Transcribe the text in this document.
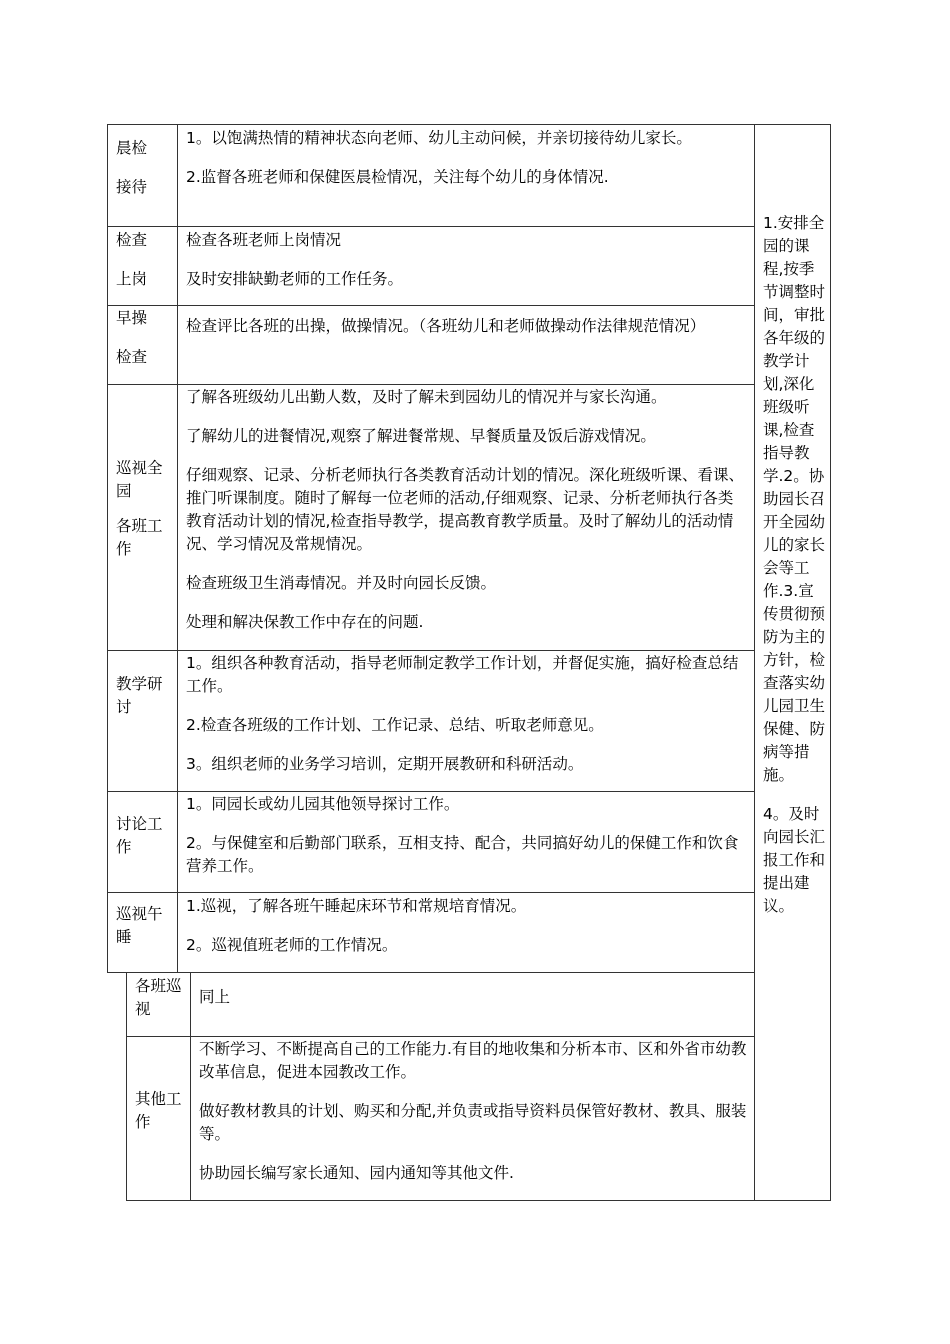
晨检

接待

1。以饱满热情的精神状态向老师、幼儿主动问候，并亲切接待幼儿家长。

2.监督各班老师和保健医晨检情况，关注每个幼儿的身体情况.

检查

上岗

检查各班老师上岗情况

及时安排缺勤老师的工作任务。

早操

检查

检查评比各班的出操，做操情况。（各班幼儿和老师做操动作法律规范情况）

巡视全园

各班工作

了解各班级幼儿出勤人数，及时了解未到园幼儿的情况并与家长沟通。

了解幼儿的进餐情况,观察了解进餐常规、早餐质量及饭后游戏情况。

仔细观察、记录、分析老师执行各类教育活动计划的情况。深化班级听课、看课、推门听课制度。随时了解每一位老师的活动,仔细观察、记录、分析老师执行各类教育活动计划的情况,检查指导教学，提高教育教学质量。及时了解幼儿的活动情况、学习情况及常规情况。

检查班级卫生消毒情况。并及时向园长反馈。

处理和解决保教工作中存在的问题.

教学研讨

1。组织各种教育活动，指导老师制定教学工作计划，并督促实施，搞好检查总结工作。

2.检查各班级的工作计划、工作记录、总结、听取老师意见。

3。组织老师的业务学习培训，定期开展教研和科研活动。

讨论工作

1。同园长或幼儿园其他领导探讨工作。

2。与保健室和后勤部门联系，互相支持、配合，共同搞好幼儿的保健工作和饮食营养工作。

巡视午睡

1.巡视，了解各班午睡起床环节和常规培育情况。

2。巡视值班老师的工作情况。

各班巡视

同上

其他工作

不断学习、不断提高自己的工作能力.有目的地收集和分析本市、区和外省市幼教改革信息，促进本园教改工作。

做好教材教具的计划、购买和分配,并负责或指导资料员保管好教材、教具、服装等。

协助园长编写家长通知、园内通知等其他文件.

1.安排全园的课程,按季节调整时间，审批各年级的教学计划,深化班级听课,检查指导教学.2。协助园长召开全园幼儿的家长会等工作.3.宣传贯彻预防为主的方针，检查落实幼儿园卫生保健、防病等措施。

4。及时向园长汇报工作和提出建议。
